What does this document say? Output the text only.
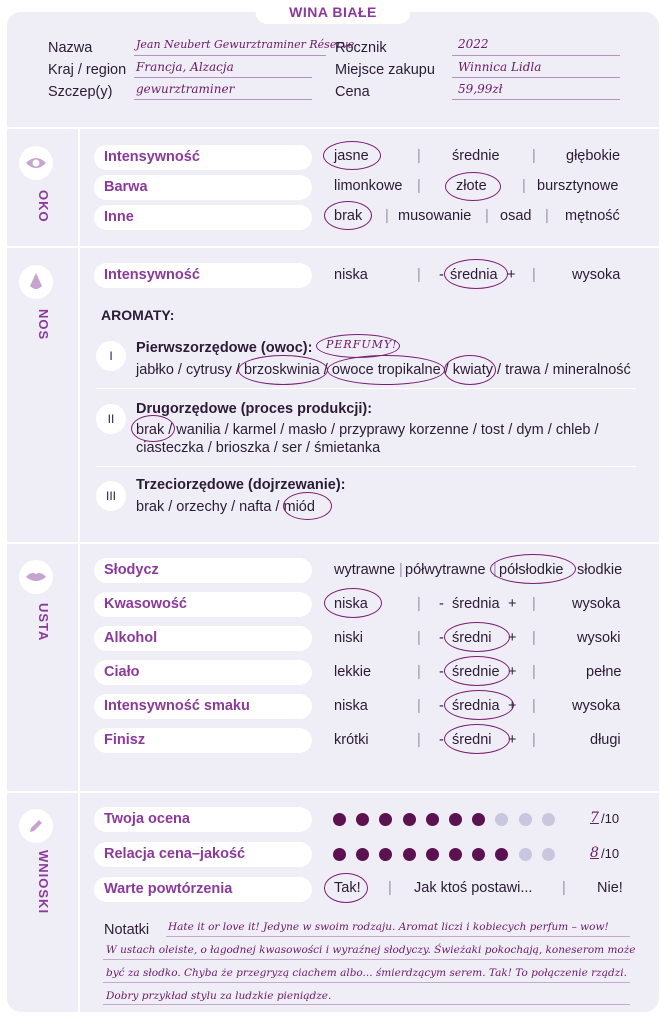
WINA BIAŁE
Nazwa	Jean Neubert Gewurztraminer Réserve
Kraj / region Francja, Alzacja
Szczep(y) gewurztraminer
Rocznik	2022
Miejsce zakupu Winnica Lidla
Cena	59,99zł
OKO
Intensywność	jasne	| średnie | głębokie
Barwa	limonkowe | złote | bursztynowe
Inne	brak | musowanie | osad | mętność
NOS
Intensywność	niska	| - średnia + | wysoka
AROMATY:
I	Pierwszorzędowe (owoc): PERFUMY!
jabłko / cytrusy / brzoskwinia / owoce tropikalne / kwiaty / trawa / mineralność
II
Drugorzędowe (proces produkcji):
brak / wanilia / karmel / masło / przyprawy korzenne / tost / dym / chleb /
ciasteczka / brioszka / ser / śmietanka
III
Trzeciorzędowe (dojrzewanie):
brak / orzechy / nafta / miód
USTA
Słodycz	wytrawne | półwytrawne | półsłodkie słodkie
Kwasowość	niska	| - średnia + | wysoka
Alkohol	niski	| - średni + |	wysoki
Ciało	lekkie	| - średnie + |	pełne
Intensywność smaku	niska	| - średnia + | wysoka
Finisz	krótki	| - średni + |	długi
WNIOSKI
Twoja ocena	7 /10
Relacja cena–jakość	8 /10
Warte powtórzenia	Tak! | Jak ktoś postawi... | Nie!
Notatki Hate it or love it! Jedyne w swoim rodzaju. Aromat liczi i kobiecych perfum – wow!
W ustach oleiste, o łagodnej kwasowości i wyraźnej słodyczy. Świeżaki pokochają, koneserom może
być za słodko. Chyba że przegryzą ciachem albo... śmierdzącym serem. Tak! To połączenie rządzi.
Dobry przykład stylu za ludzkie pieniądze.
